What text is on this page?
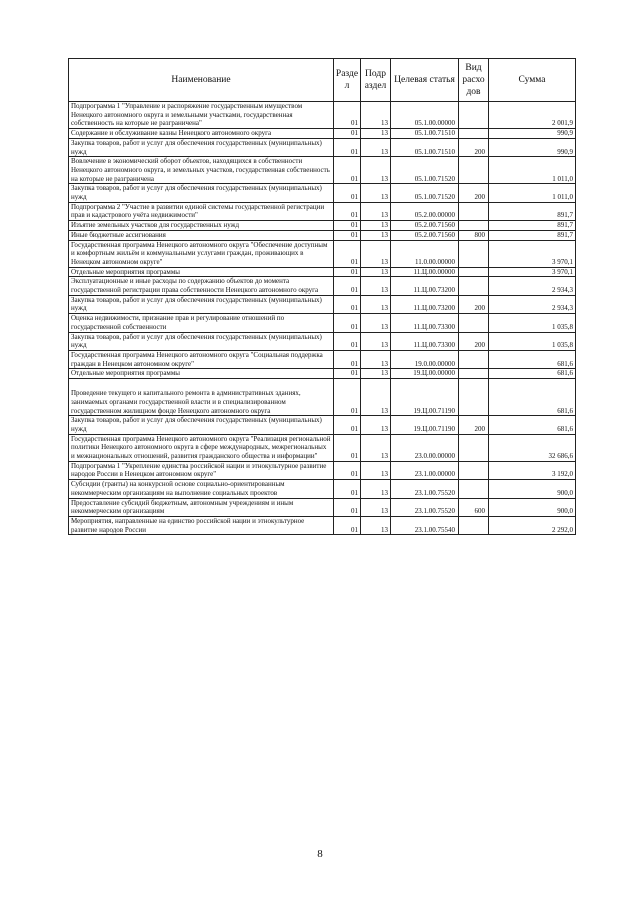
Наименование	Разде л	Подр аздел	Целевая статья	Вид расхо дов	Сумма
Подпрограмма 1 "Управление и распоряжение государственным имуществом Ненецкого автономного округа и земельными участками, государственная собственность на которые не разграничена"	01	13	05.1.00.00000		2 001,9
Содержание и обслуживание казны Ненецкого автономного округа	01	13	05.1.00.71510		990,9
Закупка товаров, работ и услуг для обеспечения государственных (муниципальных) нужд	01	13	05.1.00.71510	200	990,9
Вовлечение в экономический оборот объектов, находящихся в собственности Ненецкого автономного округа, и земельных участков, государственная собственность на которые не разграничена	01	13	05.1.00.71520		1 011,0
Закупка товаров, работ и услуг для обеспечения государственных (муниципальных) нужд	01	13	05.1.00.71520	200	1 011,0
Подпрограмма 2 "Участие в развитии единой системы государственной регистрации прав и кадастрового учёта недвижимости"	01	13	05.2.00.00000		891,7
Изъятие земельных участков для государственных нужд	01	13	05.2.00.71560		891,7
Иные бюджетные ассигнования	01	13	05.2.00.71560	800	891,7
Государственная программа Ненецкого автономного округа "Обеспечение доступным и комфортным жильём и коммунальными услугами граждан, проживающих в Ненецком автономном округе"	01	13	11.0.00.00000		3 970,1
Отдельные мероприятия программы	01	13	11.Ц.00.00000		3 970,1
Эксплуатационные и иные расходы по содержанию объектов до момента государственной регистрации права собственности Ненецкого автономного округа	01	13	11.Ц.00.73200		2 934,3
Закупка товаров, работ и услуг для обеспечения государственных (муниципальных) нужд	01	13	11.Ц.00.73200	200	2 934,3
Оценка недвижимости, признание прав и регулирование отношений по государственной собственности	01	13	11.Ц.00.73300		1 035,8
Закупка товаров, работ и услуг для обеспечения государственных (муниципальных) нужд	01	13	11.Ц.00.73300	200	1 035,8
Государственная программа Ненецкого автономного округа "Социальная поддержка граждан в Ненецком автономном округе"	01	13	19.0.00.00000		681,6
Отдельные мероприятия программы	01	13	19.Ц.00.00000		681,6
Проведение текущего и капитального ремонта в административных зданиях, занимаемых органами государственной власти и в специализированном государственном жилищном фонде Ненецкого автономного округа	01	13	19.Ц.00.71190		681,6
Закупка товаров, работ и услуг для обеспечения государственных (муниципальных) нужд	01	13	19.Ц.00.71190	200	681,6
Государственная программа Ненецкого автономного округа "Реализация региональной политики Ненецкого автономного округа в сфере международных, межрегиональных и межнациональных отношений, развития гражданского общества и информации"	01	13	23.0.00.00000		32 686,6
Подпрограмма 1 "Укрепление единства российской нации и этнокультурное развитие народов России в Ненецком автономном округе"	01	13	23.1.00.00000		3 192,0
Субсидии (гранты) на конкурсной основе социально-ориентированным некоммерческим организациям на выполнение социальных проектов	01	13	23.1.00.75520		900,0
Предоставление субсидий бюджетным, автономным учреждениям и иным некоммерческим организациям	01	13	23.1.00.75520	600	900,0
Мероприятия, направленные на единство российской нации и этнокультурное развитие народов России	01	13	23.1.00.75540		2 292,0
8
